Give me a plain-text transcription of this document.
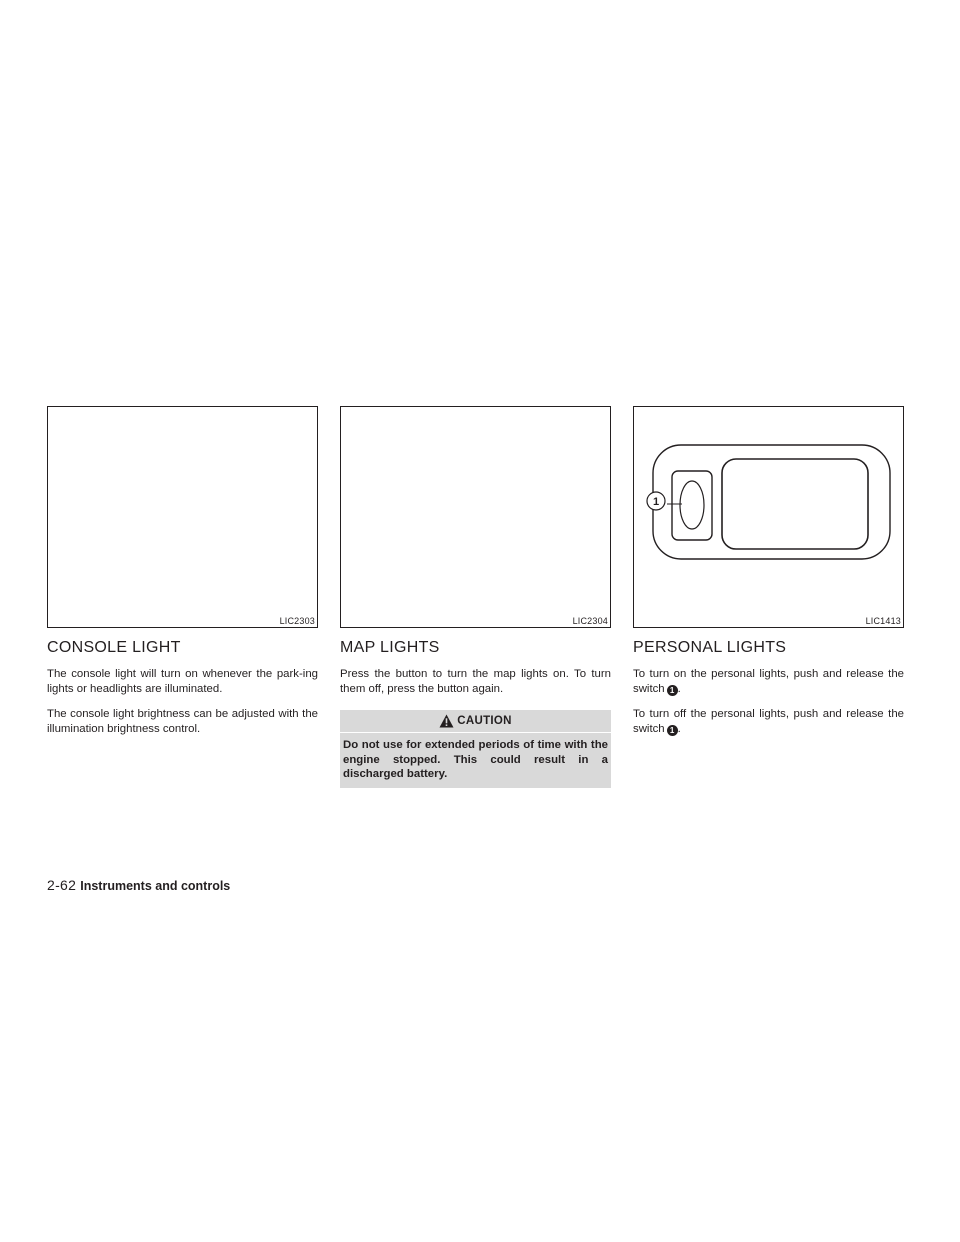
LIC2303
CONSOLE LIGHT

The console light will turn on whenever the park-ing lights or headlights are illuminated.

The console light brightness can be adjusted with the illumination brightness control.

LIC2304
MAP LIGHTS

Press the button to turn the map lights on. To turn them off, press the button again.

CAUTION
Do not use for extended periods of time with the engine stopped. This could result in a discharged battery.
1
LIC1413
PERSONAL LIGHTS

To turn on the personal lights, push and release the switch 1 .

To turn off the personal lights, push and release the switch 1 .

2-62 Instruments and controls
